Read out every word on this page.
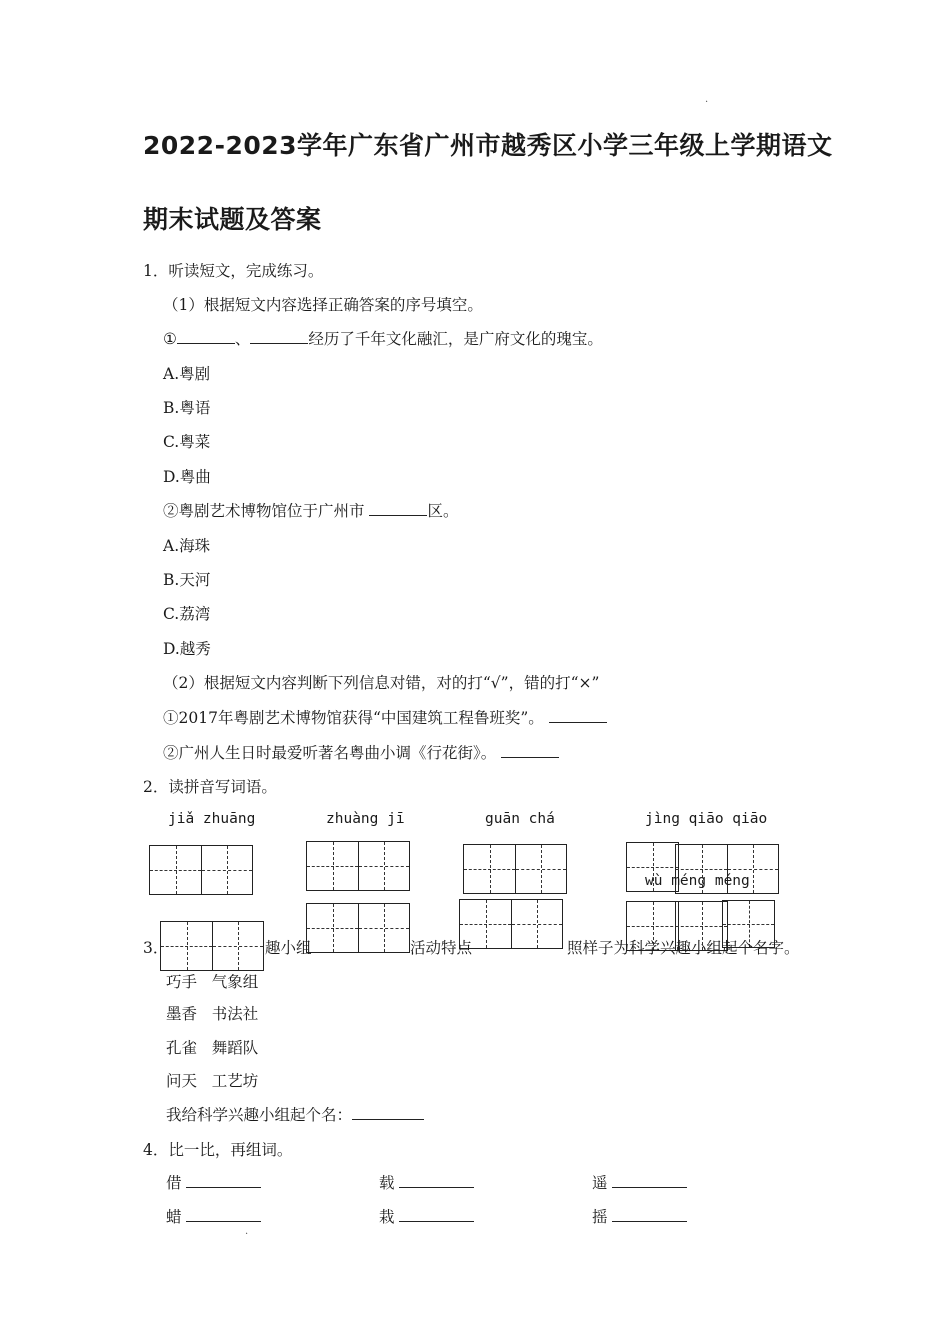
2022-2023学年广东省广州市越秀区小学三年级上学期语文
期末试题及答案
.
1．听读短文，完成练习。
（1）根据短文内容选择正确答案的序号填空。
①	、	经历了千年文化融汇，是广府文化的瑰宝。
A.粤剧
B.粤语
C.粤菜
D.粤曲
②粤剧艺术博物馆位于广州市	区。
A.海珠
B.天河
C.荔湾
D.越秀
（2）根据短文内容判断下列信息对错，对的打“√”，错的打“×”
①2017年粤剧艺术博物馆获得“中国建筑工程鲁班奖”。
②广州人生日时最爱听著名粤曲小调《行花街》。
2．读拼音写词语。
jiǎ zhuāng	zhuàng jī	guān chá	jìng qiāo qiāo
wù méng méng
3．	趣小组	活动特点	照样子为科学兴趣小组起个名字。
巧手 气象组
墨香 书法社
孔雀 舞蹈队
问天 工艺坊
我给科学兴趣小组起个名：
4．比一比，再组词。
借	载	遥
蜡	栽	摇
.
